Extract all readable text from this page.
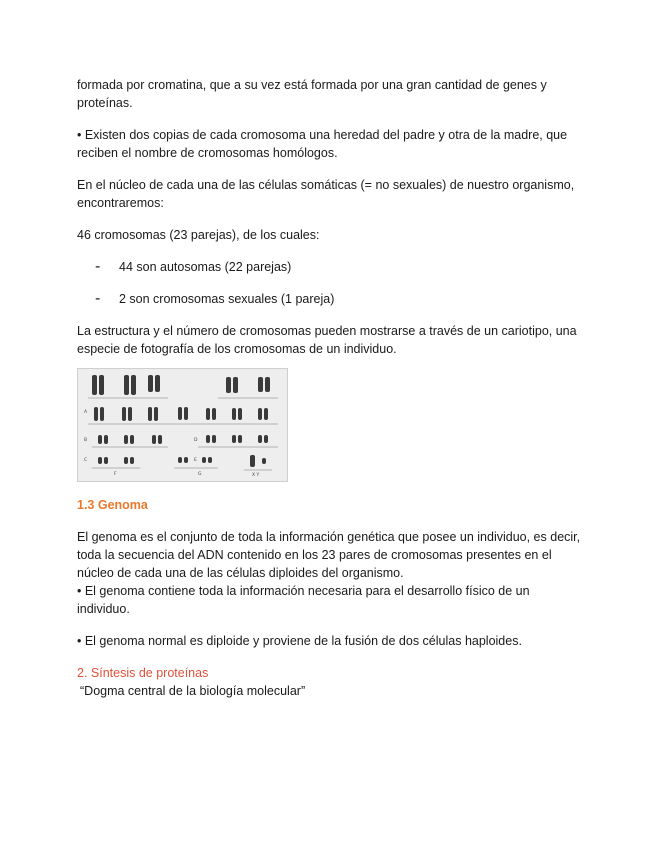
formada por cromatina, que a su vez está formada por una gran cantidad de genes y proteínas.

• Existen dos copias de cada cromosoma una heredad del padre y otra de la madre, que reciben el nombre de cromosomas homólogos.

En el núcleo de cada una de las células somáticas (= no sexuales) de nuestro organismo, encontraremos:

46 cromosomas (23 parejas), de los cuales:

-	44 son autosomas (22 parejas)

-	2 son cromosomas sexuales (1 pareja)

La estructura y el número de cromosomas pueden mostrarse a través de un cariotipo, una especie de fotografía de los cromosomas de un individuo.

A
B
C
D
E
F	G	X Y
1.3 Genoma

El genoma es el conjunto de toda la información genética que posee un individuo, es decir, toda la secuencia del ADN contenido en los 23 pares de cromosomas presentes en el núcleo de cada una de las células diploides del organismo.
• El genoma contiene toda la información necesaria para el desarrollo físico de un individuo.

• El genoma normal es diploide y proviene de la fusión de dos células haploides.

2. Síntesis de proteínas

“Dogma central de la biología molecular”
